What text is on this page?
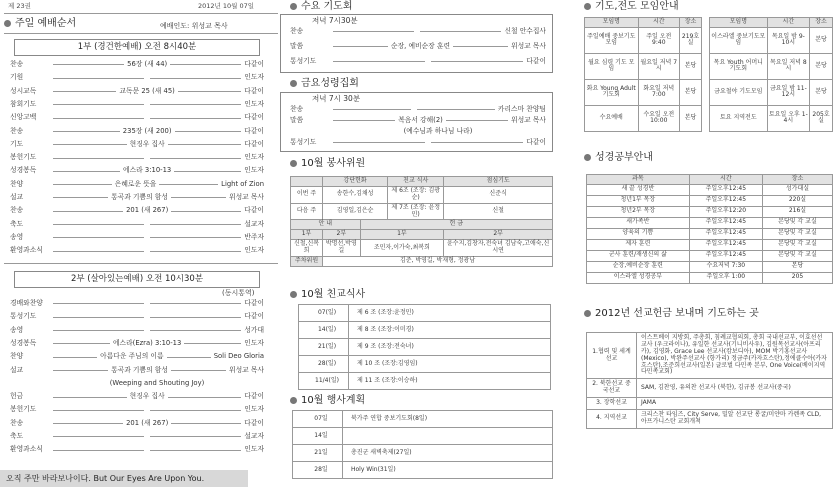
제 23권	2012년 10월 07일
주일 예배순서	예배인도: 위성교 목사
1부 (경건한예배) 오전 8시40분
찬송	56장 (새 44)	다같이
기원	인도자
성시교독	교독문 25 (새 45)	다같이
참회기도	인도자
신앙고백	다같이
찬송	235장 (새 200)	다같이
기도	현징우 집사	다같이
봉헌기도	인도자
성경봉독	에스라 3:10-13	인도자
찬양	은혜로운 뜻을	Light of Zion
설교	통곡과 기쁨의 함성	위성교 목사
찬송	201 (새 267)	다같이
축도	설교자
송영	반주자
환영과소식	인도자
2부 (살아있는예배) 오전 10시30분
(동시통역)
경배와찬양	다같이
통성기도	다같이
송영	성가대
성경봉독	에스라(Ezra) 3:10-13	인도자
찬양	아름다운 주님의 이름	Soli Deo Gloria
설교	통곡과 기쁨의 함성	위성교 목사
(Weeping and Shouting Joy)
헌금	현징우 집사	다같이
봉헌기도	인도자
찬송	201 (새 267)	다같이
축도	설교자
환영과소식	인도자
오직 주만 바라보나이다. But Our Eyes Are Upon You.
수요 기도회
저녁 7시30분
찬송	신철 안수집사
말씀	순장, 예비순장 훈련	위성교 목사
통성기도	다같이
금요성령집회
저녁 7시 30분
찬송	카리스마 찬양팀
말씀	복음서 강해(2)	위성교 목사
(예수님과 하나님 나라)
통성기도	다같이
10월 봉사위원
	강단헌화		친교 식사	점심기도
이번 주	송한수,김채성		제 6조 (조장: 김광순)	신준식
다음 주	김영일,김은순		제 7조 (조장: 윤정민)	신철
안 내		헌 금		
1부	2부	1부		2부
신철,신복희	박명선,박영길	조민자,이가숙,최복희		윤수지,김창자,전숙녀 김남숙,고애숙,신시연
주차위원	김준, 박영길, 박재형, 정광남			
10월 친교식사
07(일)	제 6 조 (조장:윤정민)
14(일)	제 8 조 (조장:이미경)
21(일)	제 9 조 (조장:전숙녀)
28(일)	제 10 조 (조장:김영임)
11/4(일)	제 11 조 (조장:이승하)
10월 행사계획
07일	북가주 연합 중보기도회(8일)
14일	
21일	총진군 새벽축제(27일)
28일	Holy Win(31일)
기도,전도 모임안내
모임명	시간	장소
주일예배 중보기도모임	주일 오전 9:40	219호실
월요 심령 기도 모임	월요일 저녁 7시	본당
화요 Young Adult 기도회	화요일 저녁7:00	본당
수요예배	수요일 오전 10:00	본당
모임명	시간	장소
이스라엘 중보기도모임	목요일 밤 9-10시	본당
목요 Youth 어머니 기도회	목요일 저녁 8시	본당
금요철야 기도모임	금요일 밤 11-12시	본당
토요 지역전도	토요일 오후 1-4시	205호실
성경공부안내
과목	시간	장소
새 끝 성경반	주일오후12:45	성가대실
청년1부 목장	주일오후12:45	220실
청년2부 목장	주일오후12:20	216실
새가족반	주일오후12:45	본당및 각 교실
양육의 기쁨	주일오후12:45	본당및 각 교실
제자 훈련	주일오후12:45	본당및 각 교실
군사 훈련/재생신의 삶	주일오후12:45	본당및 각 교실
순장,예비순장 훈련	수요저녁 7:30	본당
이스라엘 성경공부	주일오후 1:00	205
2012년 선교헌금 보내며 기도하는 곳
1.협력 및 세계선교	이스트베이 지방회, 주총회, 침례교협의회, 총회 국내선교부, 이효선선교사 (우크라이나), 유일한 선교사(기니비사우), 김원목선교사(아프리카), 김영화, Grace Lee 선교사(캄보디아), MOM 박기홍선교사 (Mexico), 박완주선교사 (항가리) 정금주(카자흐스탄),정에클수아(카자흐스탄),조준희선교사(일본) 글로벌 다민족 본부, One Voice(베이지역 다민족교회)
2. 북한선교 중국선교	SAM, 김찬영, 유의찬 선교사 (북한), 김규봉 선교사(중국)
3. 장학선교	JAMA
4. 지역선교	크리스찬 타임즈, City Serve, 밀알 선교단 롱굴/미얀마 카렌족 CLD, 아프가니스탄 교회개척
